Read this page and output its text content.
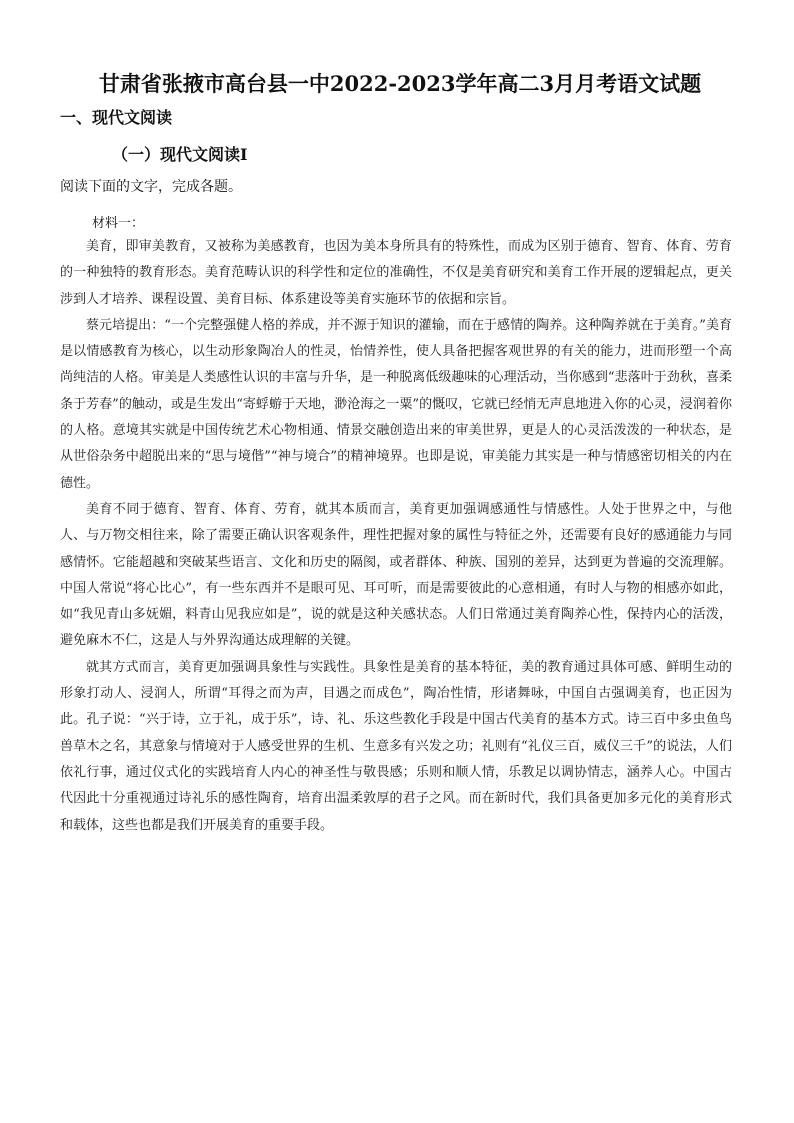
甘肃省张掖市高台县一中2022-2023学年高二3月月考语文试题
一、现代文阅读
（一）现代文阅读Ⅰ
阅读下面的文字，完成各题。
材料一：

美育，即审美教育，又被称为美感教育，也因为美本身所具有的特殊性，而成为区别于德育、智育、体育、劳育的一种独特的教育形态。美育范畴认识的科学性和定位的准确性，不仅是美育研究和美育工作开展的逻辑起点，更关涉到人才培养、课程设置、美育目标、体系建设等美育实施环节的依据和宗旨。

蔡元培提出：“一个完整强健人格的养成，并不源于知识的灌输，而在于感情的陶养。这种陶养就在于美育。”美育是以情感教育为核心，以生动形象陶冶人的性灵，怡情养性，使人具备把握客观世界的有关的能力，进而形塑一个高尚纯洁的人格。审美是人类感性认识的丰富与升华，是一种脱离低级趣味的心理活动，当你感到“悲落叶于劲秋，喜柔条于芳春”的触动，或是生发出“寄蜉蝣于天地，渺沧海之一粟”的慨叹，它就已经悄无声息地进入你的心灵，浸润着你的人格。意境其实就是中国传统艺术心物相通、情景交融创造出来的审美世界，更是人的心灵活泼泼的一种状态，是从世俗杂务中超脱出来的“思与境偕”“神与境合”的精神境界。也即是说，审美能力其实是一种与情感密切相关的内在德性。

美育不同于德育、智育、体育、劳育，就其本质而言，美育更加强调感通性与情感性。人处于世界之中，与他人、与万物交相往来，除了需要正确认识客观条件，理性把握对象的属性与特征之外，还需要有良好的感通能力与同感情怀。它能超越和突破某些语言、文化和历史的隔阂，或者群体、种族、国别的差异，达到更为普遍的交流理解。中国人常说“将心比心”，有一些东西并不是眼可见、耳可听，而是需要彼此的心意相通，有时人与物的相感亦如此，如“我见青山多妩媚，料青山见我应如是”，说的就是这种关感状态。人们日常通过美育陶养心性，保持内心的活泼，避免麻木不仁，这是人与外界沟通达成理解的关键。

就其方式而言，美育更加强调具象性与实践性。具象性是美育的基本特征，美的教育通过具体可感、鲜明生动的形象打动人、浸润人，所谓“耳得之而为声，目遇之而成色”，陶冶性情，形诸舞咏，中国自古强调美育，也正因为此。孔子说：“兴于诗，立于礼，成于乐”，诗、礼、乐这些教化手段是中国古代美育的基本方式。诗三百中多虫鱼鸟兽草木之名，其意象与情境对于人感受世界的生机、生意多有兴发之功；礼则有“礼仪三百，威仪三千”的说法，人们依礼行事，通过仪式化的实践培育人内心的神圣性与敬畏感；乐则和顺人情，乐教足以调协情志，涵养人心。中国古代因此十分重视通过诗礼乐的感性陶育，培育出温柔敦厚的君子之风。而在新时代，我们具备更加多元化的美育形式和载体，这些也都是我们开展美育的重要手段。
